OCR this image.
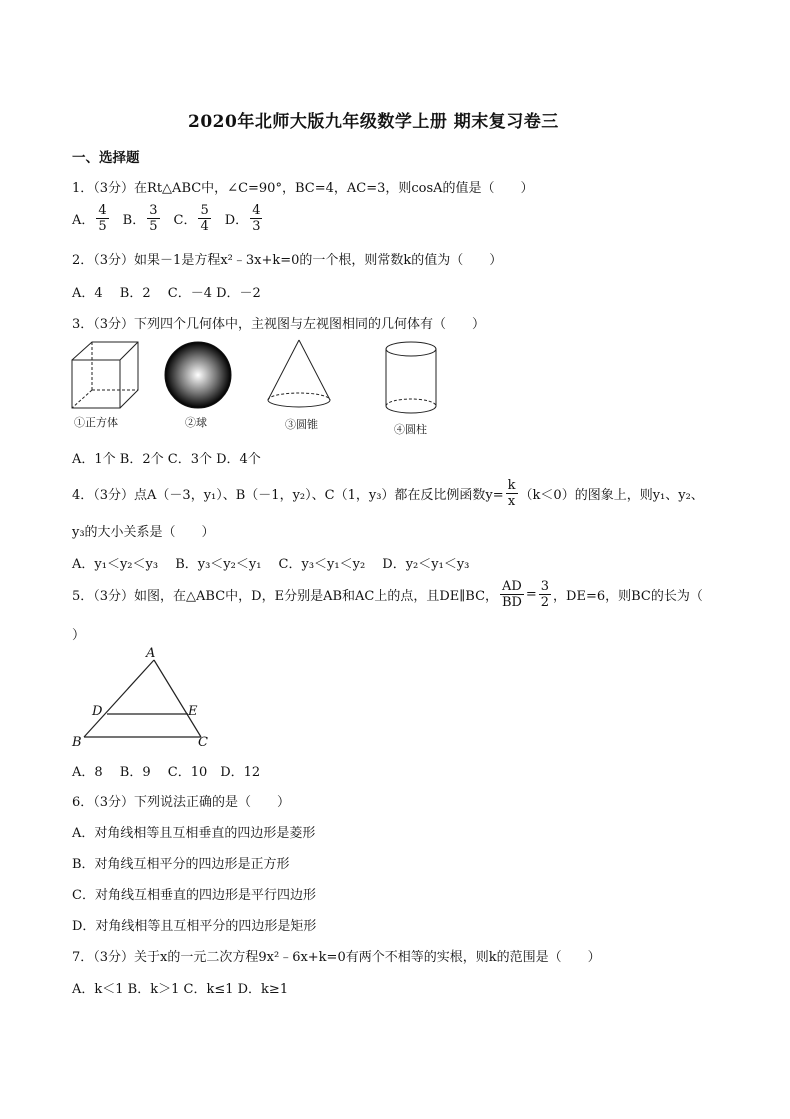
2020年北师大版九年级数学上册 期末复习卷三
一、选择题
1．（3分）在Rt△ABC中，∠C=90°，BC=4，AC=3，则cosA的值是（　　）
A． $\frac{4}{5}$ B． $\frac{3}{5}$ C． $\frac{5}{4}$ D． $\frac{4}{3}$
2．（3分）如果－1是方程x²﹣3x+k=0的一个根，则常数k的值为（　　）
A．4　 B．2　 C．－4 D．－2
3．（3分）下列四个几何体中，主视图与左视图相同的几何体有（　　）
①正方体	②球	③圆锥	④圆柱
A．1个 B．2个 C．3个 D．4个
4．（3分）点A（－3，y₁）、B（－1，y₂）、C（1，y₃）都在反比例函数$y= \frac{k}{x} (k<0)$的图象上，则y₁、y₂、
y₃的大小关系是（　　）
A．y₁＜y₂＜y₃　 B．y₃＜y₂＜y₁　 C．y₃＜y₁＜y₂　 D．y₂＜y₁＜y₃
5．（3分）如图，在△ABC中，D，E分别是AB和AC上的点，且DE∥BC， $\frac{AD}{BD} = \frac{3}{2}$ ，DE=6，则BC的长为（
）
A
D	E
B	C
A．8　 B．9　 C．10　D．12
6．（3分）下列说法正确的是（　　）
A．对角线相等且互相垂直的四边形是菱形
B．对角线互相平分的四边形是正方形
C．对角线互相垂直的四边形是平行四边形
D．对角线相等且互相平分的四边形是矩形
7．（3分）关于x的一元二次方程9x²﹣6x+k=0有两个不相等的实根，则k的范围是（　　）
A．k＜1 B．k＞1 C．k≤1 D．k≥1
